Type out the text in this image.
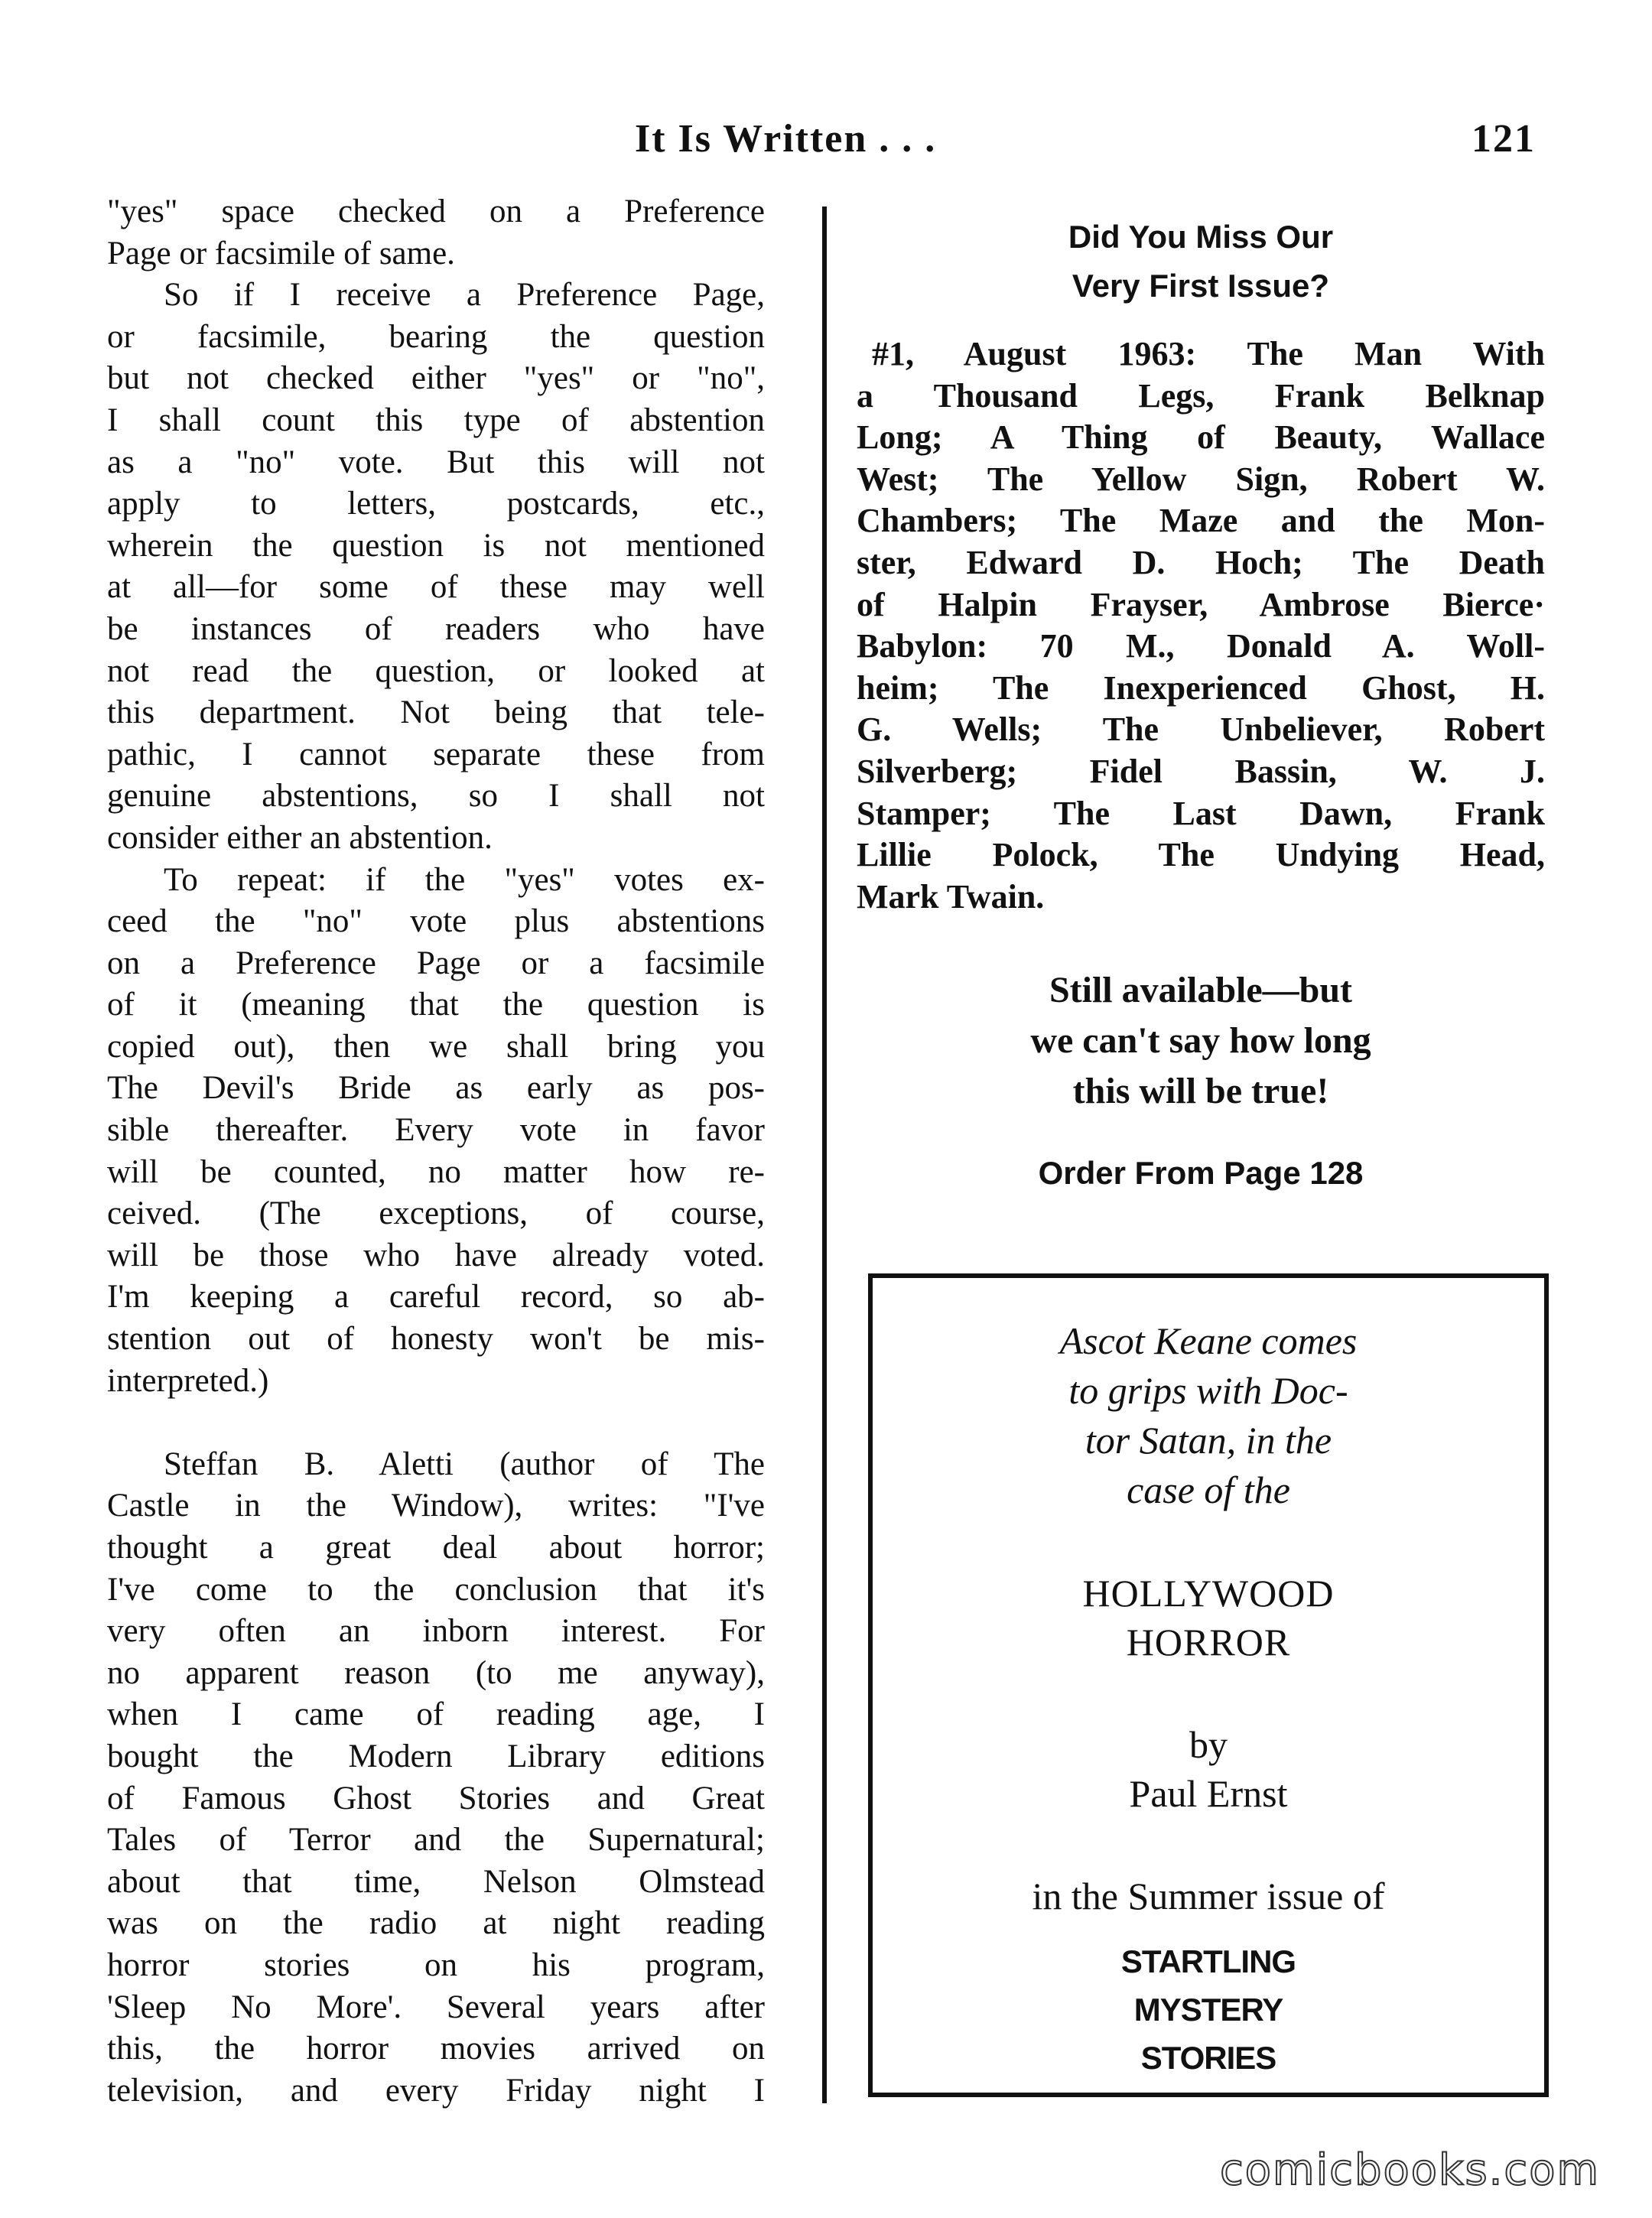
It Is Written . . .	121
"yes" space checked on a Preference
Page or facsimile of same.
So if I receive a Preference Page,
or facsimile, bearing the question
but not checked either "yes" or "no",
I shall count this type of abstention
as a "no" vote. But this will not
apply to letters, postcards, etc.,
wherein the question is not mentioned
at all—for some of these may well
be instances of readers who have
not read the question, or looked at
this department. Not being that tele-
pathic, I cannot separate these from
genuine abstentions, so I shall not
consider either an abstention.
To repeat: if the "yes" votes ex-
ceed the "no" vote plus abstentions
on a Preference Page or a facsimile
of it (meaning that the question is
copied out), then we shall bring you
The Devil's Bride as early as pos-
sible thereafter. Every vote in favor
will be counted, no matter how re-
ceived. (The exceptions, of course,
will be those who have already voted.
I'm keeping a careful record, so ab-
stention out of honesty won't be mis-
interpreted.)
Steffan B. Aletti (author of The
Castle in the Window), writes: "I've
thought a great deal about horror;
I've come to the conclusion that it's
very often an inborn interest. For
no apparent reason (to me anyway),
when I came of reading age, I
bought the Modern Library editions
of Famous Ghost Stories and Great
Tales of Terror and the Supernatural;
about that time, Nelson Olmstead
was on the radio at night reading
horror stories on his program,
'Sleep No More'. Several years after
this, the horror movies arrived on
television, and every Friday night I
Did You Miss Our
Very First Issue?
#1, August 1963: The Man With
a Thousand Legs, Frank Belknap
Long; A Thing of Beauty, Wallace
West; The Yellow Sign, Robert W.
Chambers; The Maze and the Mon-
ster, Edward D. Hoch; The Death
of Halpin Frayser, Ambrose Bierce·
Babylon: 70 M., Donald A. Woll-
heim; The Inexperienced Ghost, H.
G. Wells; The Unbeliever, Robert
Silverberg; Fidel Bassin, W. J.
Stamper; The Last Dawn, Frank
Lillie Polock, The Undying Head,
Mark Twain.
Still available—but
we can't say how long
this will be true!
Order From Page 128
Ascot Keane comes
to grips with Doc-
tor Satan, in the
case of the
HOLLYWOOD
HORROR
by
Paul Ernst
in the Summer issue of
STARTLING
MYSTERY
STORIES
comicbooks.com
